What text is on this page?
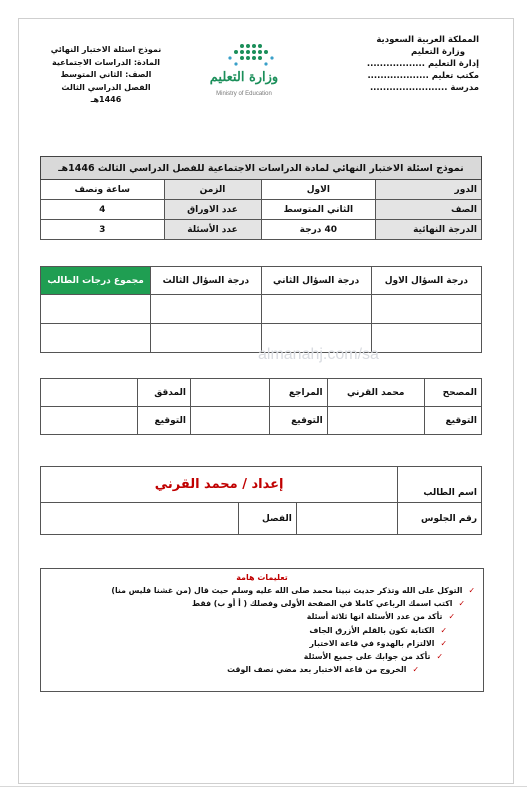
المملكة العربية السعودية
وزارة التعليم
إدارة التعليم ..................
مكتب تعليم ...................
مدرسة ........................
وزارة التعليم
Ministry of Education
نموذج اسئلة الاختبار النهائي
المادة: الدراسات الاجتماعية
الصف: الثاني المتوسط
الفصل الدراسي الثالث
1446هـ
نموذج اسئلة الاختبار النهائي لمادة الدراسات الاجتماعية للفصل الدراسي الثالث 1446هـ			
الدور	الاول	الزمن	ساعة ونصف
الصف	الثاني المتوسط	عدد الاوراق	4
الدرجة النهائية	40 درجة	عدد الأسئلة	3
درجة السؤال الاول	درجة السؤال الثاني	درجة السؤال الثالث	مجموع درجات الطالب

almanahj.com/sa
المصحح	محمد القرني	المراجع		المدقق	
التوقيع		التوقيع		التوقيع	
اسم الطالب	إعداد / محمد القرني		
رقم الجلوس		الفصل	
تعليمات هامة
✓التوكل على الله وتذكر حديث نبينا محمد صلى الله عليه وسلم حيث قال (من غشنا فليس منا)
✓اكتب اسمك الرباعي كاملا في الصفحة الأولى وفصلك ( أ أو ب) فقط
✓تأكد من عدد الأسئلة انها ثلاثة أسئلة
✓الكتابة تكون بالقلم الأزرق الجاف
✓الالتزام بالهدوء في قاعة الاختبار
✓تأكد من جوابك على جميع الأسئلة
✓الخروج من قاعة الاختبار بعد مضي نصف الوقت
